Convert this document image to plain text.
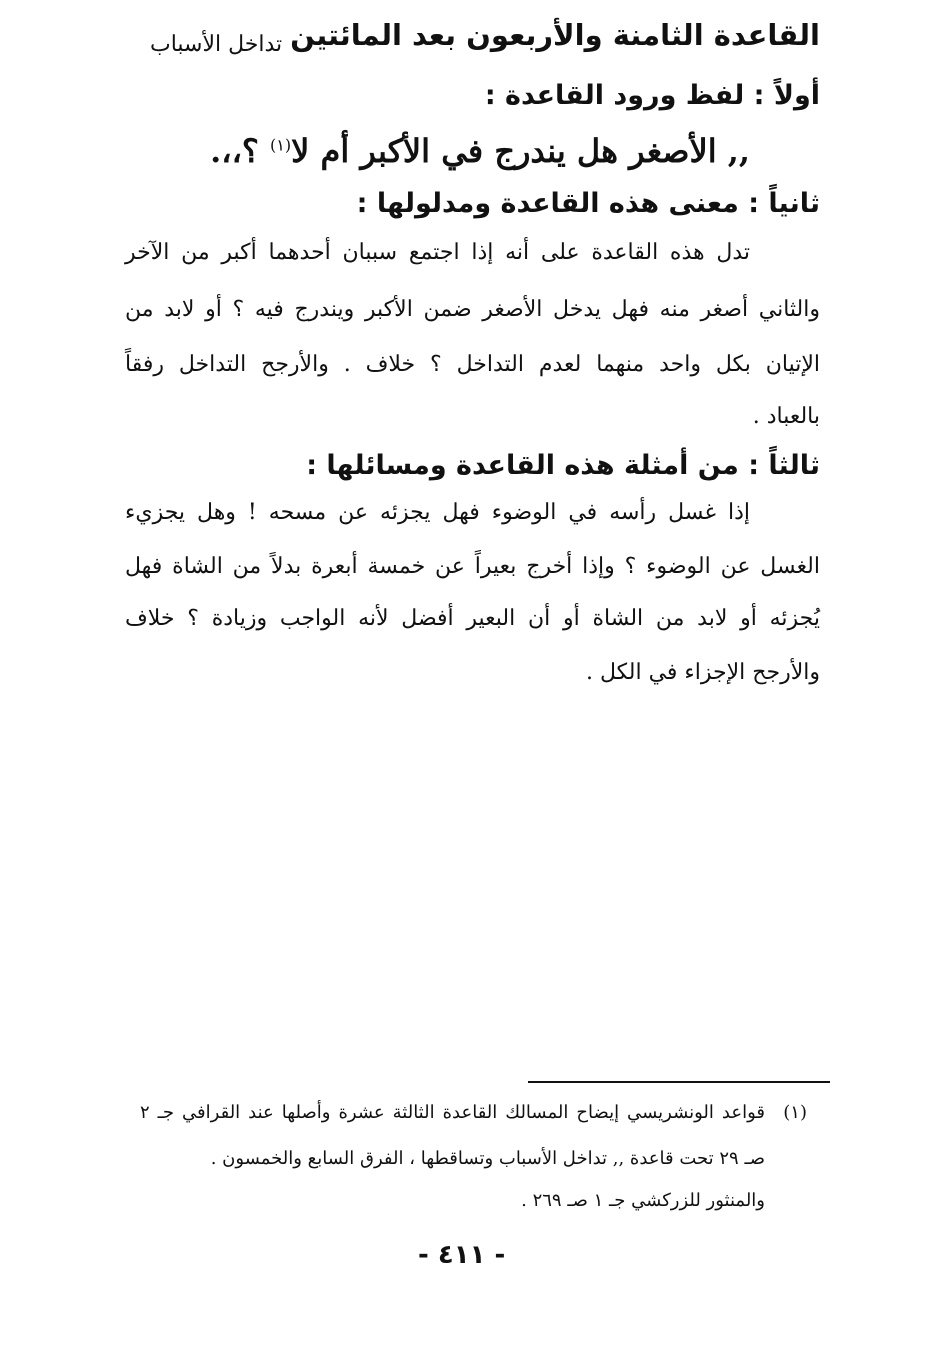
القاعدة الثامنة والأربعون بعد المائتين
تداخل الأسباب
أولاً : لفظ ورود القاعدة :
,, الأصغر هل يندرج في الأكبر أم لا$^{(١)}$ ؟،،.
ثانياً : معنى هذه القاعدة ومدلولها :
تدل هذه القاعدة على أنه إذا اجتمع سببان أحدهما أكبر من الآخر
والثاني أصغر منه فهل يدخل الأصغر ضمن الأكبر ويندرج فيه ؟ أو لابد من
الإتيان بكل واحد منهما لعدم التداخل ؟ خلاف . والأرجح التداخل رفقاً
بالعباد .
ثالثاً : من أمثلة هذه القاعدة ومسائلها :
إذا غسل رأسه في الوضوء فهل يجزئه عن مسحه ! وهل يجزيء
الغسل عن الوضوء ؟ وإذا أخرج بعيراً عن خمسة أبعرة بدلاً من الشاة فهل
يُجزئه أو لابد من الشاة أو أن البعير أفضل لأنه الواجب وزيادة ؟ خلاف
والأرجح الإجزاء في الكل .
(١)
قواعد الونشريسي إيضاح المسالك القاعدة الثالثة عشرة وأصلها عند القرافي جـ ٢
صـ ٢٩ تحت قاعدة ,, تداخل الأسباب وتساقطها ، الفرق السابع والخمسون .
والمنثور للزركشي جـ ١ صـ ٢٦٩ .
- ٤١١ -
